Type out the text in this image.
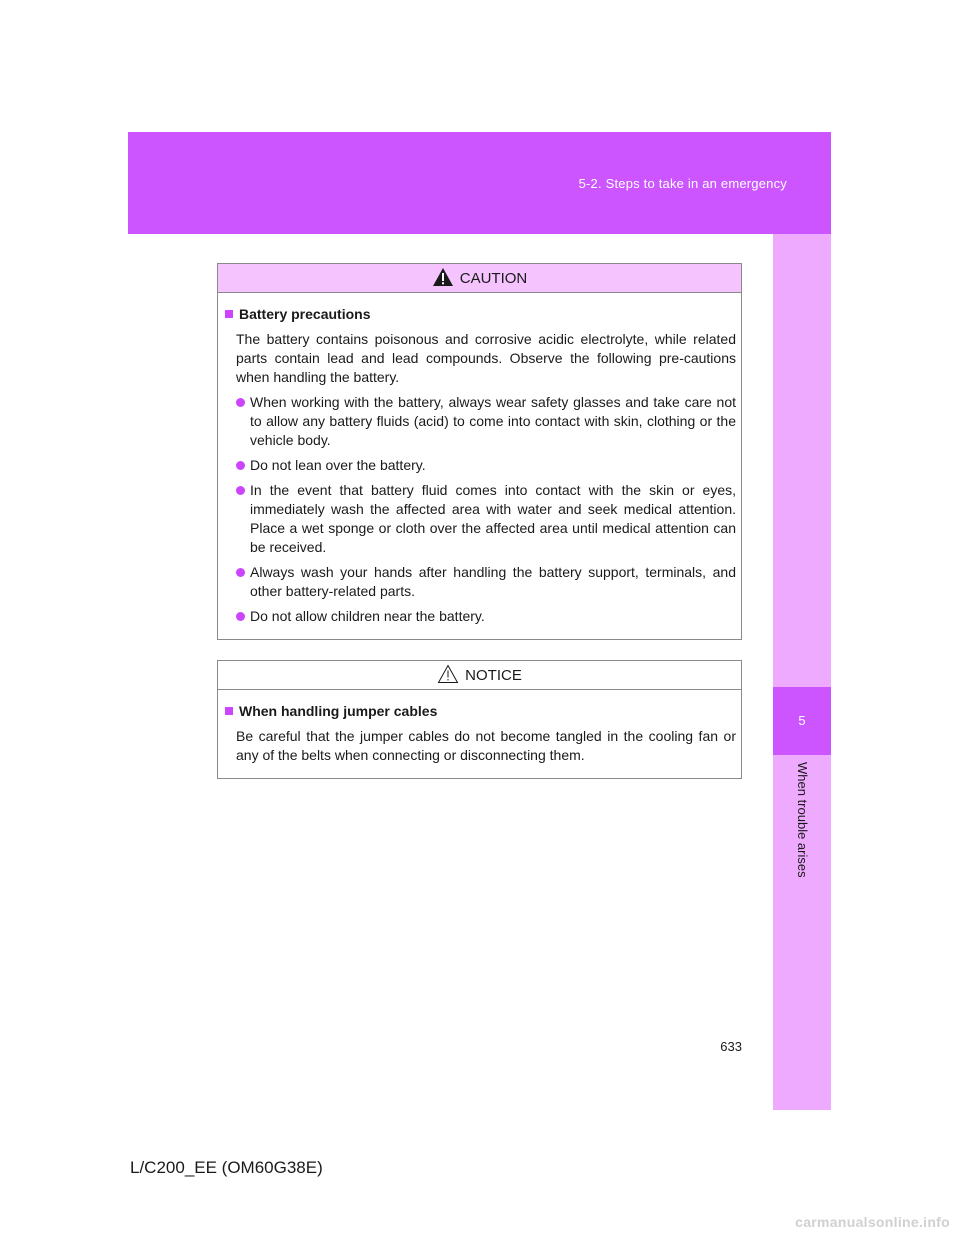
5-2. Steps to take in an emergency
5
When trouble arises
CAUTION
Battery precautions
The battery contains poisonous and corrosive acidic electrolyte, while related parts contain lead and lead compounds. Observe the following pre-cautions when handling the battery.
When working with the battery, always wear safety glasses and take care not to allow any battery fluids (acid) to come into contact with skin, clothing or the vehicle body.
Do not lean over the battery.
In the event that battery fluid comes into contact with the skin or eyes, immediately wash the affected area with water and seek medical attention. Place a wet sponge or cloth over the affected area until medical attention can be received.
Always wash your hands after handling the battery support, terminals, and other battery-related parts.
Do not allow children near the battery.
NOTICE
When handling jumper cables
Be careful that the jumper cables do not become tangled in the cooling fan or any of the belts when connecting or disconnecting them.
633
L/C200_EE (OM60G38E)
carmanualsonline.info
